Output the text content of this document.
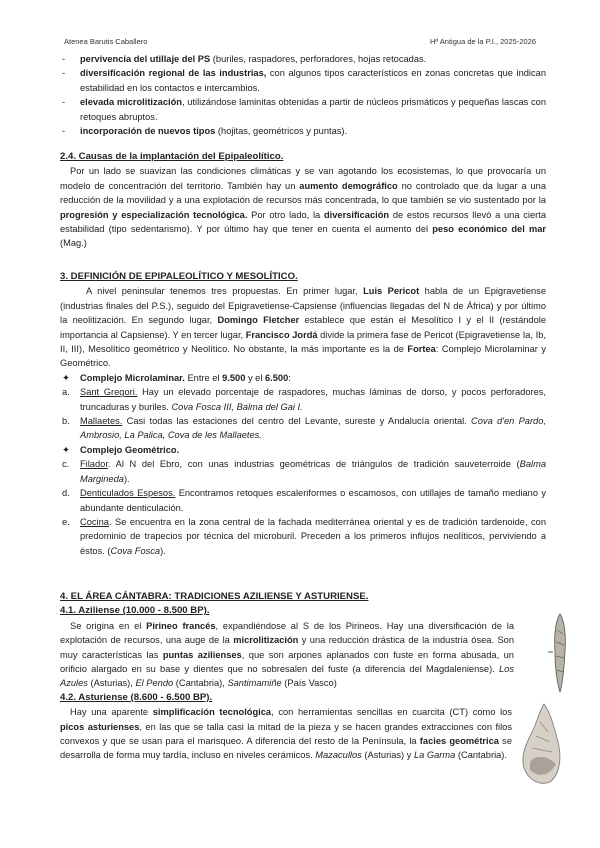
Atenea Barutis Caballero	Hª Antigua de la P.I., 2025-2026
- pervivencia del utillaje del PS (buriles, raspadores, perforadores, hojas retocadas.
- diversificación regional de las industrias, con algunos tipos característicos en zonas concretas que indican estabilidad en los contactos e intercambios.
- elevada microlitización, utilizándose laminitas obtenidas a partir de núcleos prismáticos y pequeñas lascas con retoques abruptos.
- incorporación de nuevos tipos (hojitas, geométricos y puntas).

2.4. Causas de la implantación del Epipaleolítico.

Por un lado se suavizan las condiciones climáticas y se van agotando los ecosistemas, lo que provocaría un modelo de concentración del territorio. También hay un aumento demográfico no controlado que da lugar a una reducción de la movilidad y a una explotación de recursos más concentrada, lo que también se vio sustentado por la progresión y especialización tecnológica. Por otro lado, la diversificación de estos recursos llevó a una cierta estabilidad (tipo sedentarismo). Y por último hay que tener en cuenta el aumento del peso económico del mar (Mag.)

3. DEFINICIÓN DE EPIPALEOLÍTICO Y MESOLÍTICO.

A nivel peninsular tenemos tres propuestas. En primer lugar, Luis Pericot habla de un Epigravetiense (industrias finales del P.S.), seguido del Epigravetiense-Capsiense (influencias llegadas del N de África) y por último la neolitización. En segundo lugar, Domingo Fletcher establece que están el Mesolítico I y el II (restándole importancia al Capsiense). Y en tercer lugar, Francisco Jordá divide la primera fase de Pericot (Epigravetiense Ia, Ib, II, III), Mesolítico geométrico y Neolítico. No obstante, la más importante es la de Fortea: Complejo Microlaminar y Geométrico.

✦ Complejo Microlaminar. Entre el 9.500 y el 6.500:
a. Sant Gregori. Hay un elevado porcentaje de raspadores, muchas láminas de dorso, y pocos perforadores, truncaduras y buriles. Cova Fosca III, Balma del Gai I.
b. Mallaetes. Casi todas las estaciones del centro del Levante, sureste y Andalucía oriental. Cova d'en Pardo, Ambrosio, La Palica, Cova de les Mallaetes.
✦ Complejo Geométrico.
c. Filador. Al N del Ebro, con unas industrias geométricas de triángulos de tradición sauveterroide (Balma Margineda).
d. Denticulados Espesos. Encontramos retoques escaleriformes o escamosos, con utillajes de tamaño mediano y abundante denticulación.
e. Cocina. Se encuentra en la zona central de la fachada mediterránea oriental y es de tradición tardenoide, con predominio de trapecios por técnica del microburil. Preceden a los primeros influjos neolíticos, perviviendo a éstos. (Cova Fosca).

4. EL ÁREA CÁNTABRA: TRADICIONES AZILIENSE Y ASTURIENSE.

4.1. Aziliense (10.000 - 8.500 BP).

Se origina en el Pirineo francés, expandiéndose al S de los Pirineos. Hay una diversificación de la explotación de recursos, una auge de la microlitización y una reducción drástica de la industria ósea. Son muy características las puntas azilienses, que son arpones aplanados con fuste en forma abusada, un orificio alargado en su base y dientes que no sobresalen del fuste (a diferencia del Magdaleniense). Los Azules (Asturias), El Pendo (Cantabria), Santimamiñe (País Vasco)

4.2. Asturiense (8.600 - 6.500 BP).

Hay una aparente simplificación tecnológica, con herramientas sencillas en cuarcita (CT) como los picos asturienses, en las que se talla casi la mitad de la pieza y se hacen grandes extracciones con filos convexos y que se usan para el marisqueo. A diferencia del resto de la Península, la facies geométrica se desarrolla de forma muy tardía, incluso en niveles cerámicos. Mazacullos (Asturias) y La Garma (Cantabria).
